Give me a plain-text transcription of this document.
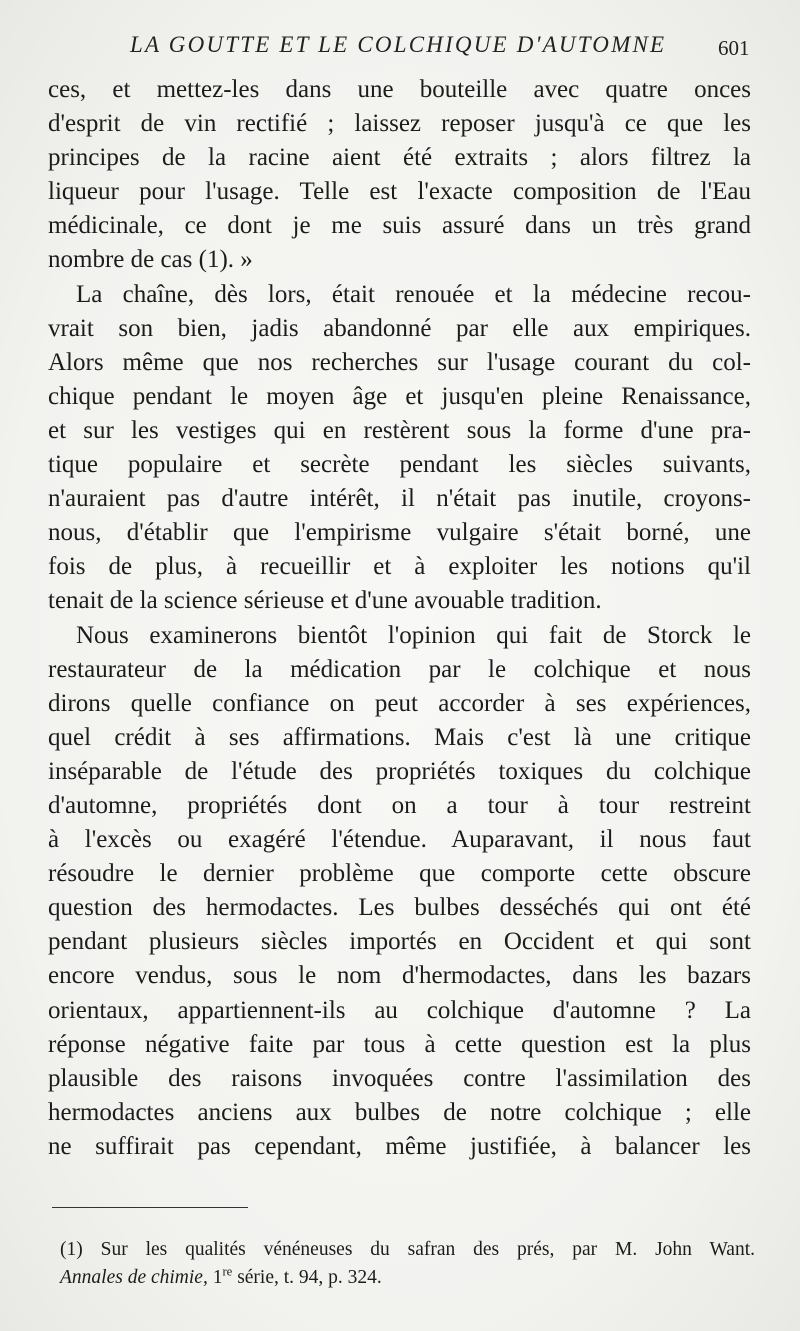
LA GOUTTE ET LE COLCHIQUE D'AUTOMNE 601
ces, et mettez-les dans une bouteille avec quatre onces
d'esprit de vin rectifié ; laissez reposer jusqu'à ce que les
principes de la racine aient été extraits ; alors filtrez la
liqueur pour l'usage. Telle est l'exacte composition de l'Eau
médicinale, ce dont je me suis assuré dans un très grand
nombre de cas (1). »
La chaîne, dès lors, était renouée et la médecine recou-
vrait son bien, jadis abandonné par elle aux empiriques.
Alors même que nos recherches sur l'usage courant du col-
chique pendant le moyen âge et jusqu'en pleine Renaissance,
et sur les vestiges qui en restèrent sous la forme d'une pra-
tique populaire et secrète pendant les siècles suivants,
n'auraient pas d'autre intérêt, il n'était pas inutile, croyons-
nous, d'établir que l'empirisme vulgaire s'était borné, une
fois de plus, à recueillir et à exploiter les notions qu'il
tenait de la science sérieuse et d'une avouable tradition.
Nous examinerons bientôt l'opinion qui fait de Storck le
restaurateur de la médication par le colchique et nous
dirons quelle confiance on peut accorder à ses expériences,
quel crédit à ses affirmations. Mais c'est là une critique
inséparable de l'étude des propriétés toxiques du colchique
d'automne, propriétés dont on a tour à tour restreint
à l'excès ou exagéré l'étendue. Auparavant, il nous faut
résoudre le dernier problème que comporte cette obscure
question des hermodactes. Les bulbes desséchés qui ont été
pendant plusieurs siècles importés en Occident et qui sont
encore vendus, sous le nom d'hermodactes, dans les bazars
orientaux, appartiennent-ils au colchique d'automne ? La
réponse négative faite par tous à cette question est la plus
plausible des raisons invoquées contre l'assimilation des
hermodactes anciens aux bulbes de notre colchique ; elle
ne suffirait pas cependant, même justifiée, à balancer les
(1) Sur les qualités vénéneuses du safran des prés, par M. John Want.
Annales de chimie, 1re série, t. 94, p. 324.
